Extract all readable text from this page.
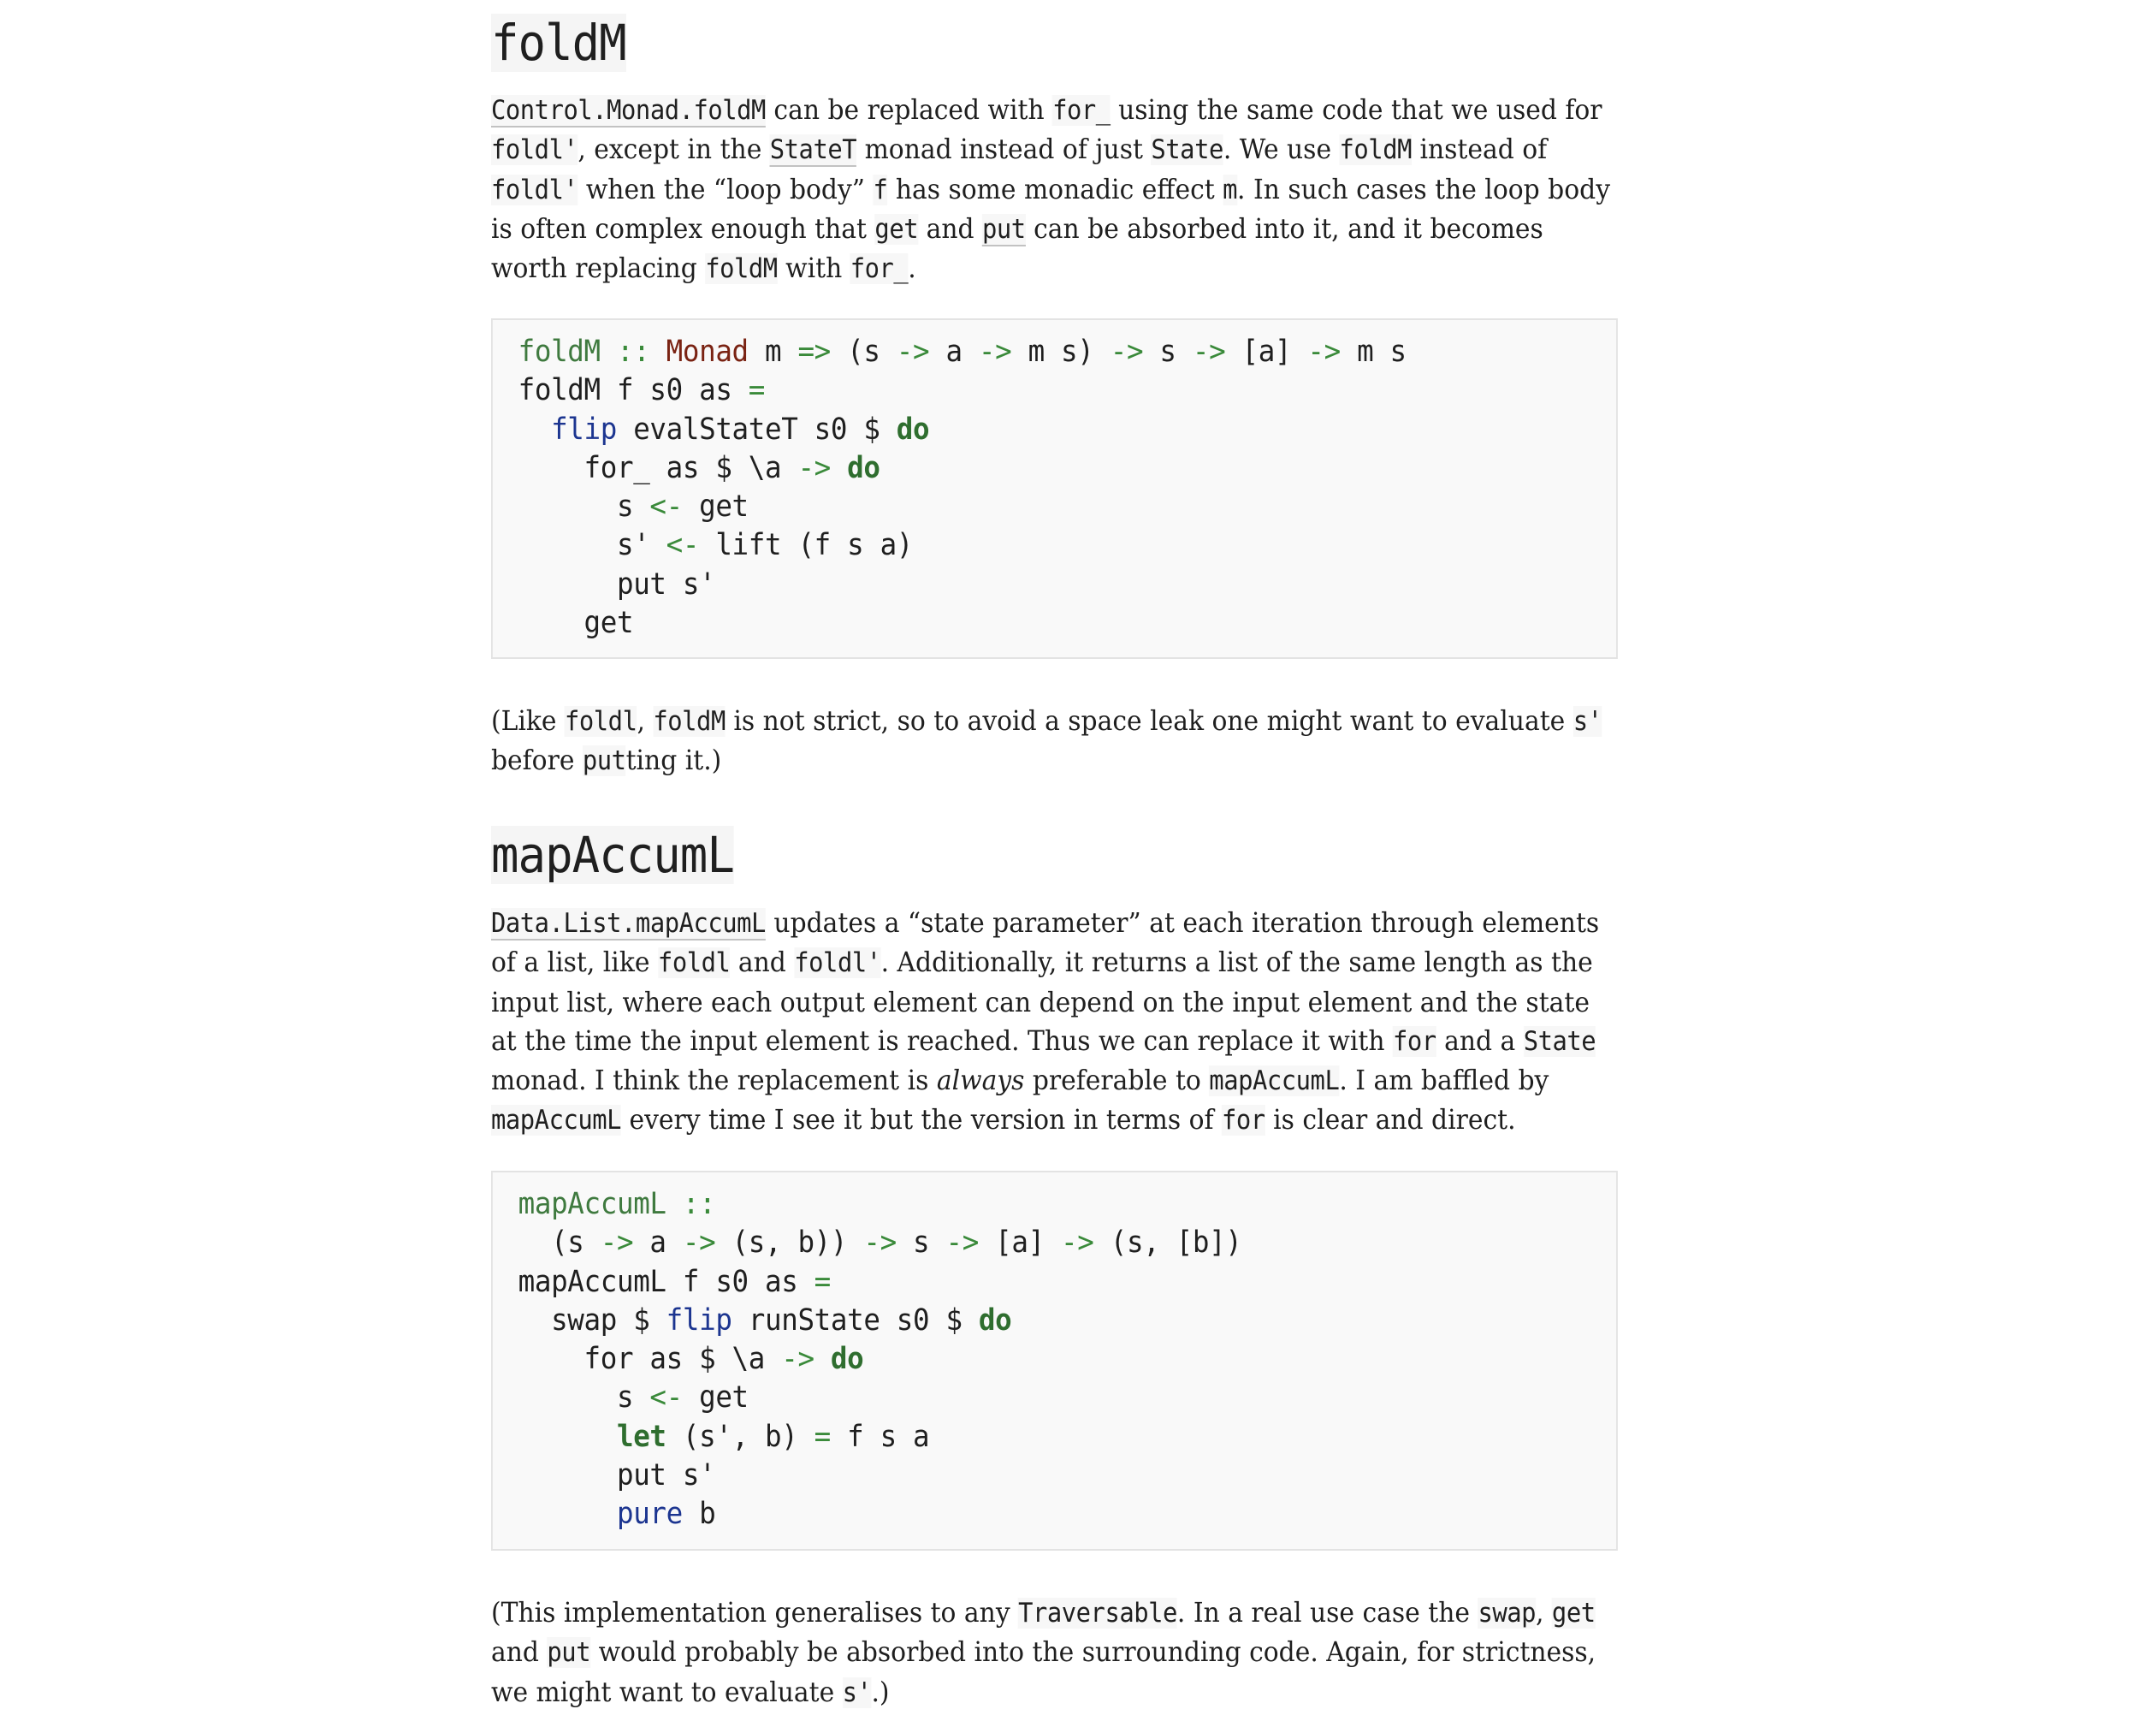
foldM

Control.Monad.foldM can be replaced with for_ using the same code that we used for foldl', except in the StateT monad instead of just State. We use foldM instead of foldl' when the “loop body” f has some monadic effect m. In such cases the loop body is often complex enough that get and put can be absorbed into it, and it becomes worth replacing foldM with for_.

foldM :: Monad m => (s -> a -> m s) -> s -> [a] -> m s
foldM f s0 as =
flip evalStateT s0 $ do
for_ as $ \a -> do
s <- get
s' <- lift (f s a)
put s'
get

(Like foldl, foldM is not strict, so to avoid a space leak one might want to evaluate s' before putting it.)

mapAccumL

Data.List.mapAccumL updates a “state parameter” at each iteration through elements of a list, like foldl and foldl'. Additionally, it returns a list of the same length as the input list, where each output element can depend on the input element and the state at the time the input element is reached. Thus we can replace it with for and a State monad. I think the replacement is always preferable to mapAccumL. I am baffled by mapAccumL every time I see it but the version in terms of for is clear and direct.

mapAccumL ::
(s -> a -> (s, b)) -> s -> [a] -> (s, [b])
mapAccumL f s0 as =
swap $ flip runState s0 $ do
for as $ \a -> do
s <- get
let (s', b) = f s a
put s'
pure b

(This implementation generalises to any Traversable. In a real use case the swap, get and put would probably be absorbed into the surrounding code. Again, for strictness, we might want to evaluate s'.)
